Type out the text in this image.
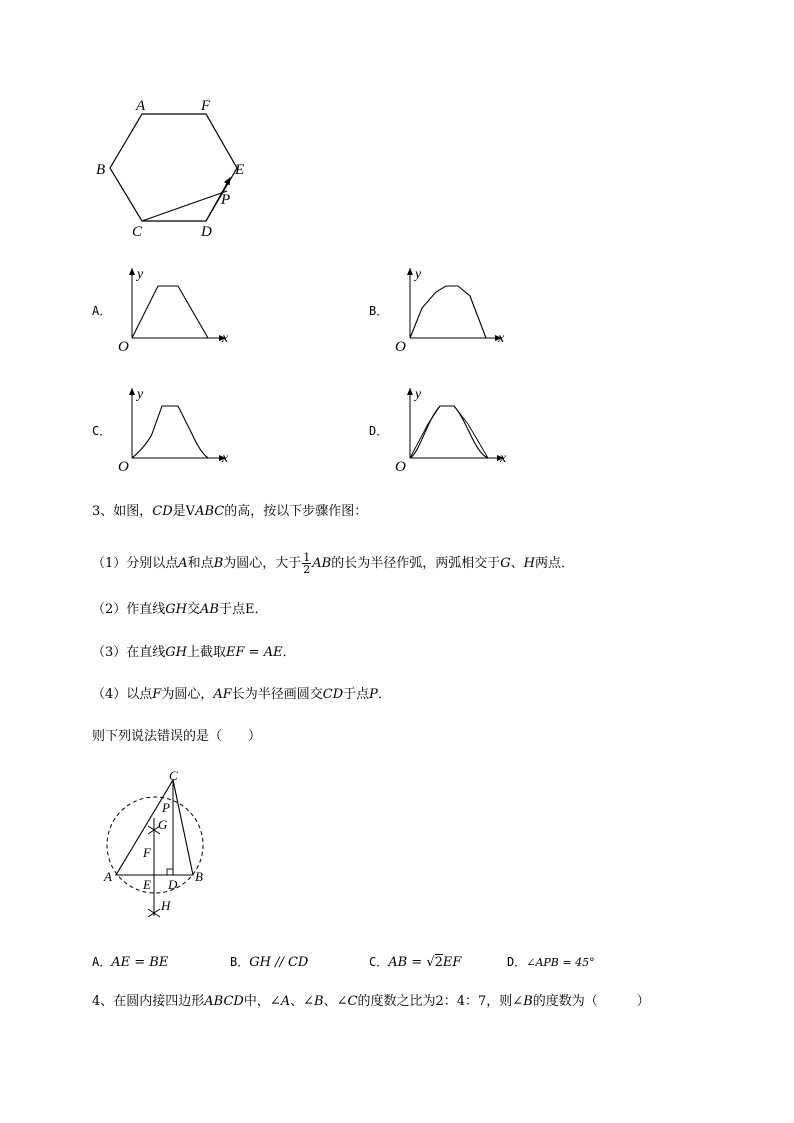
A	F
B	E
P
C	D
A．
y
x
O
B．
y
x
O
C．
y
x
O
D．
y
x
O
3、如图，CD是VABC的高，按以下步骤作图：
（1）分别以点A和点B为圆心，大于 $\frac{1}{2}$ AB的长为半径作弧，两弧相交于G、H两点．
（2）作直线GH交AB于点E．
（3）在直线GH上截取EF = AE．
（4）以点F为圆心，AF长为半径画圆交CD于点P．
则下列说法错误的是（　　）
C
P
G
F
A
E D
B
H
A．AE = BE	B．GH // CD	C．AB = √2EF	D．∠APB = 45°
4、在圆内接四边形ABCD中，∠A、∠B、∠C的度数之比为2：4：7，则∠B的度数为（　　　）
